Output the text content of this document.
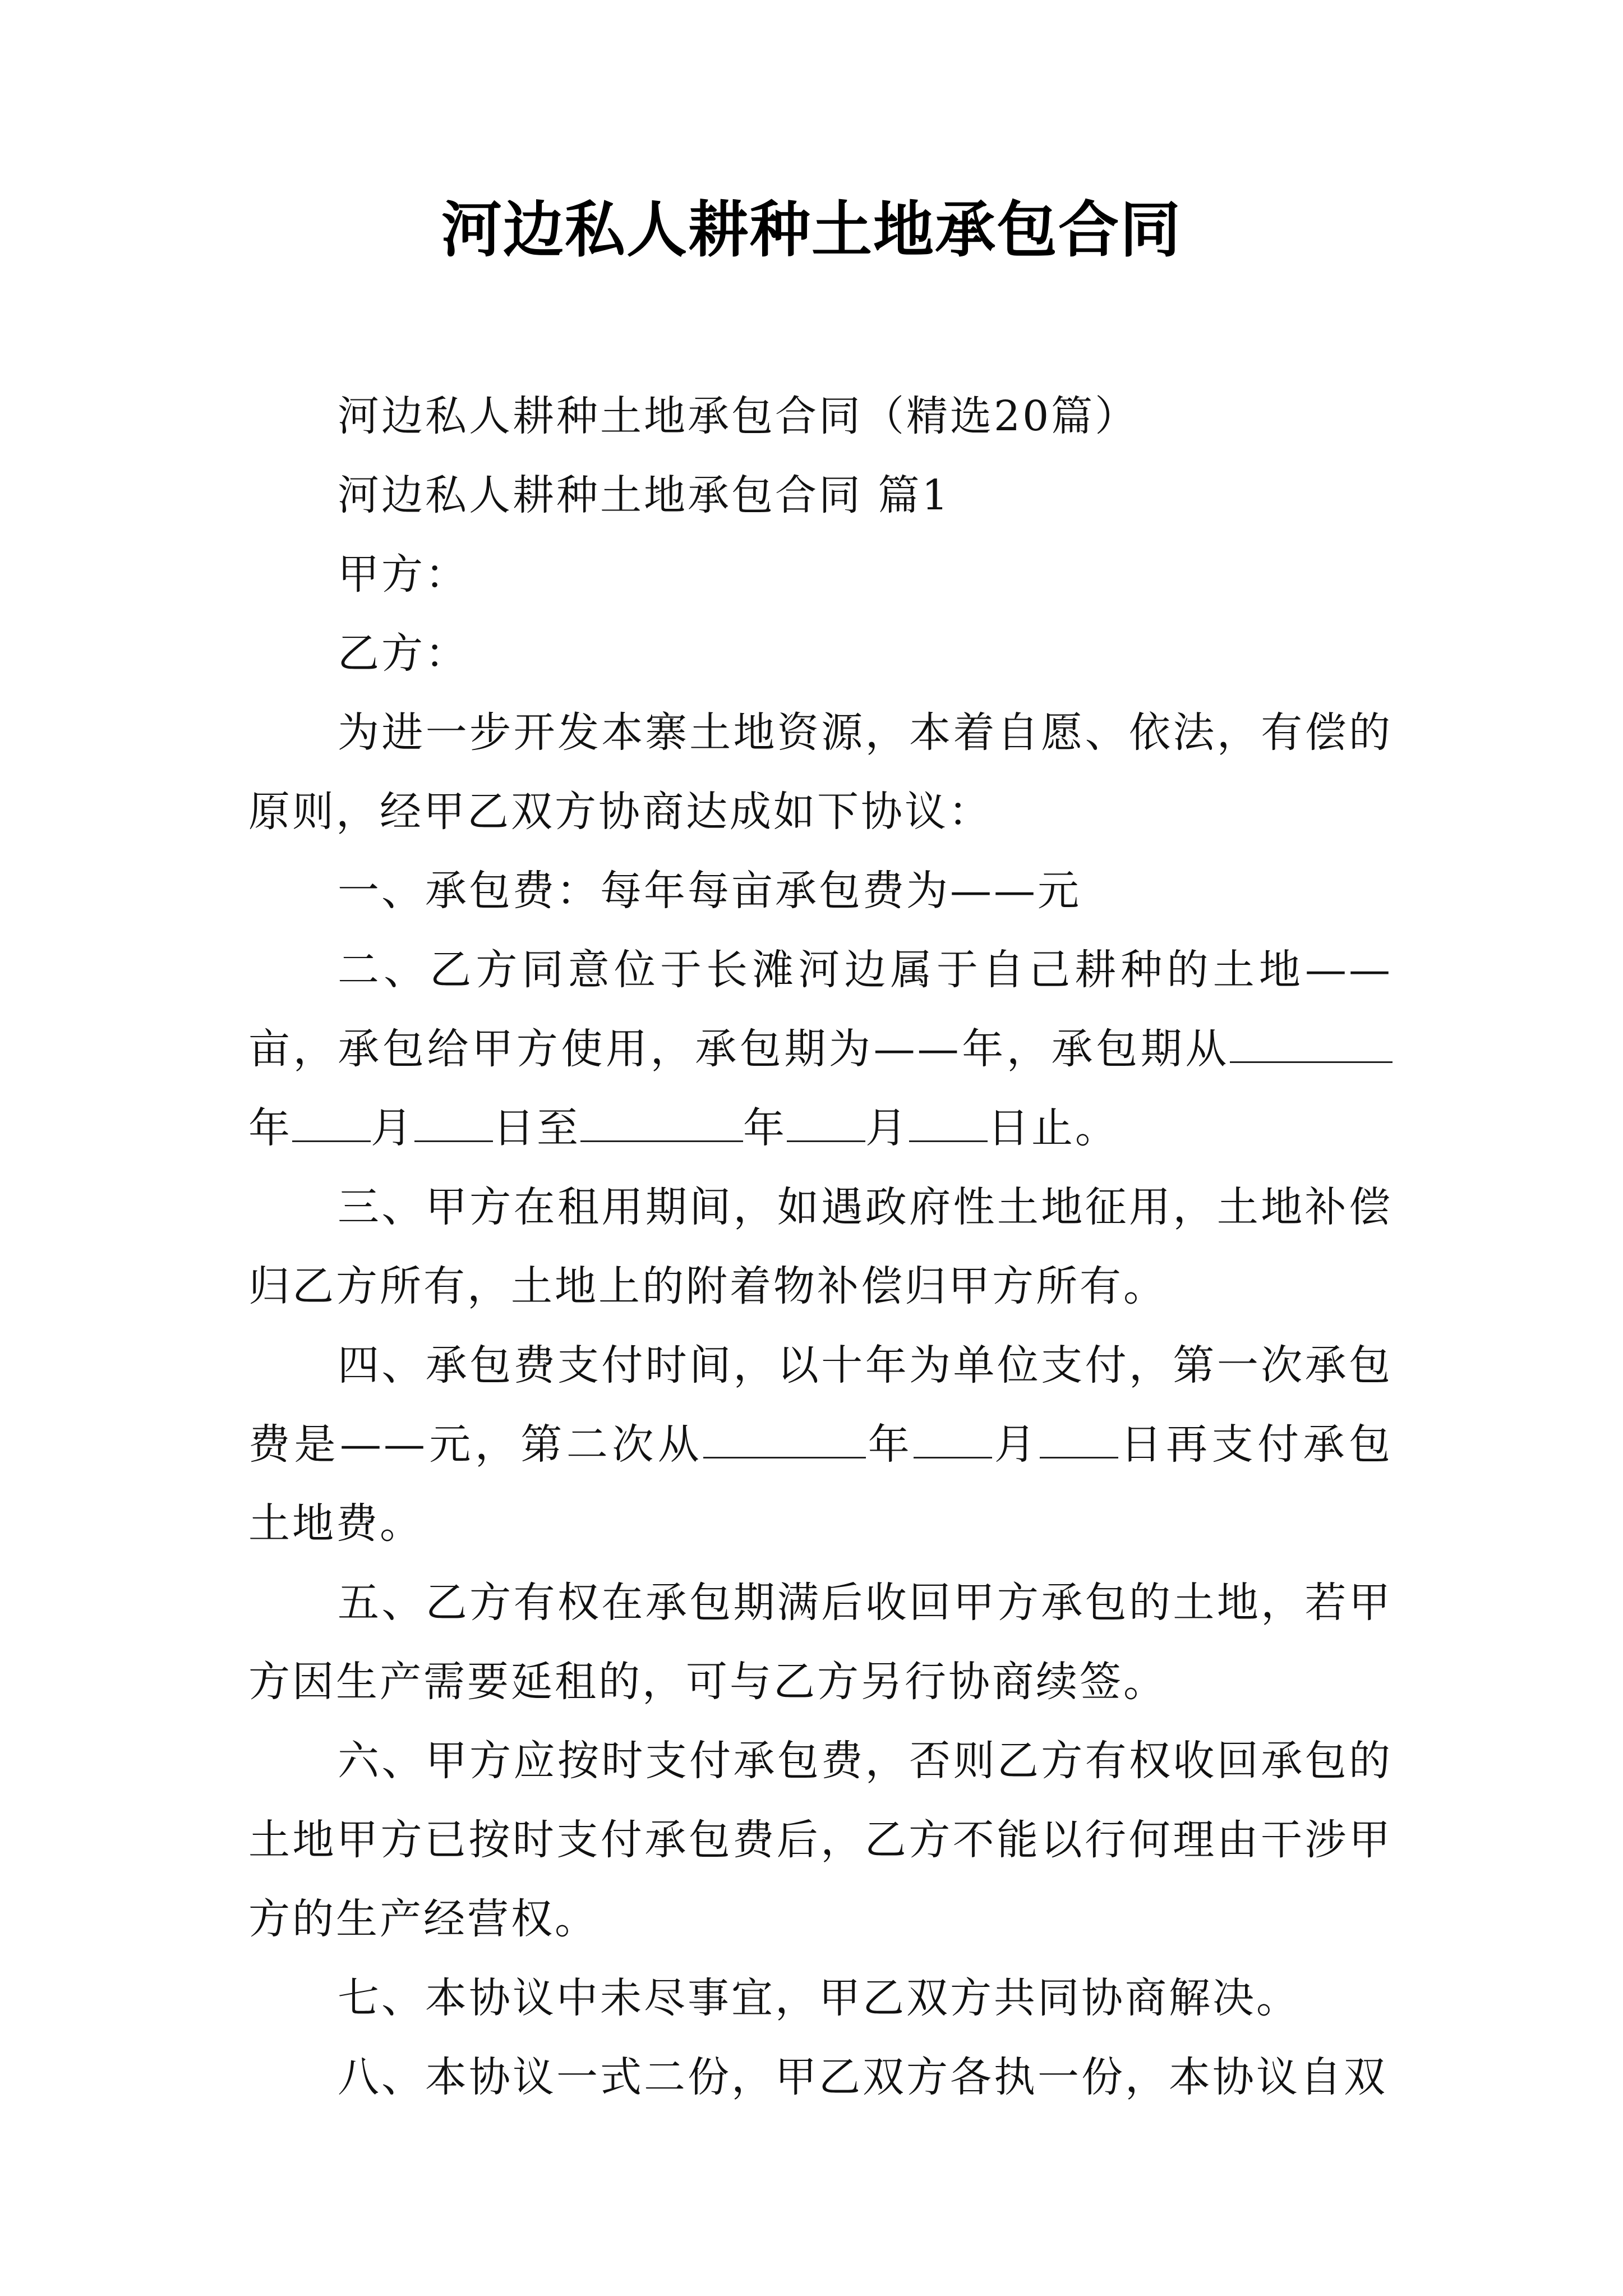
河边私人耕种土地承包合同

河边私人耕种土地承包合同（精选20篇）

河边私人耕种土地承包合同 篇1

甲方：

乙方：

为进一步开发本寨土地资源，本着自愿、依法，有偿的原则，经甲乙双方协商达成如下协议：

一、承包费：每年每亩承包费为——元

二、乙方同意位于长滩河边属于自己耕种的土地——亩，承包给甲方使用，承包期为——年，承包期从年 月 日至	年 月 日止。

三、甲方在租用期间，如遇政府性土地征用，土地补偿归乙方所有，土地上的附着物补偿归甲方所有。

四、承包费支付时间，以十年为单位支付，第一次承包费是——元，第二次从	年 月 日再支付承包土地费。

五、乙方有权在承包期满后收回甲方承包的土地，若甲方因生产需要延租的，可与乙方另行协商续签。

六、甲方应按时支付承包费，否则乙方有权收回承包的土地甲方已按时支付承包费后，乙方不能以行何理由干涉甲方的生产经营权。

七、本协议中未尽事宜，甲乙双方共同协商解决。

八、本协议一式二份，甲乙双方各执一份，本协议自双
